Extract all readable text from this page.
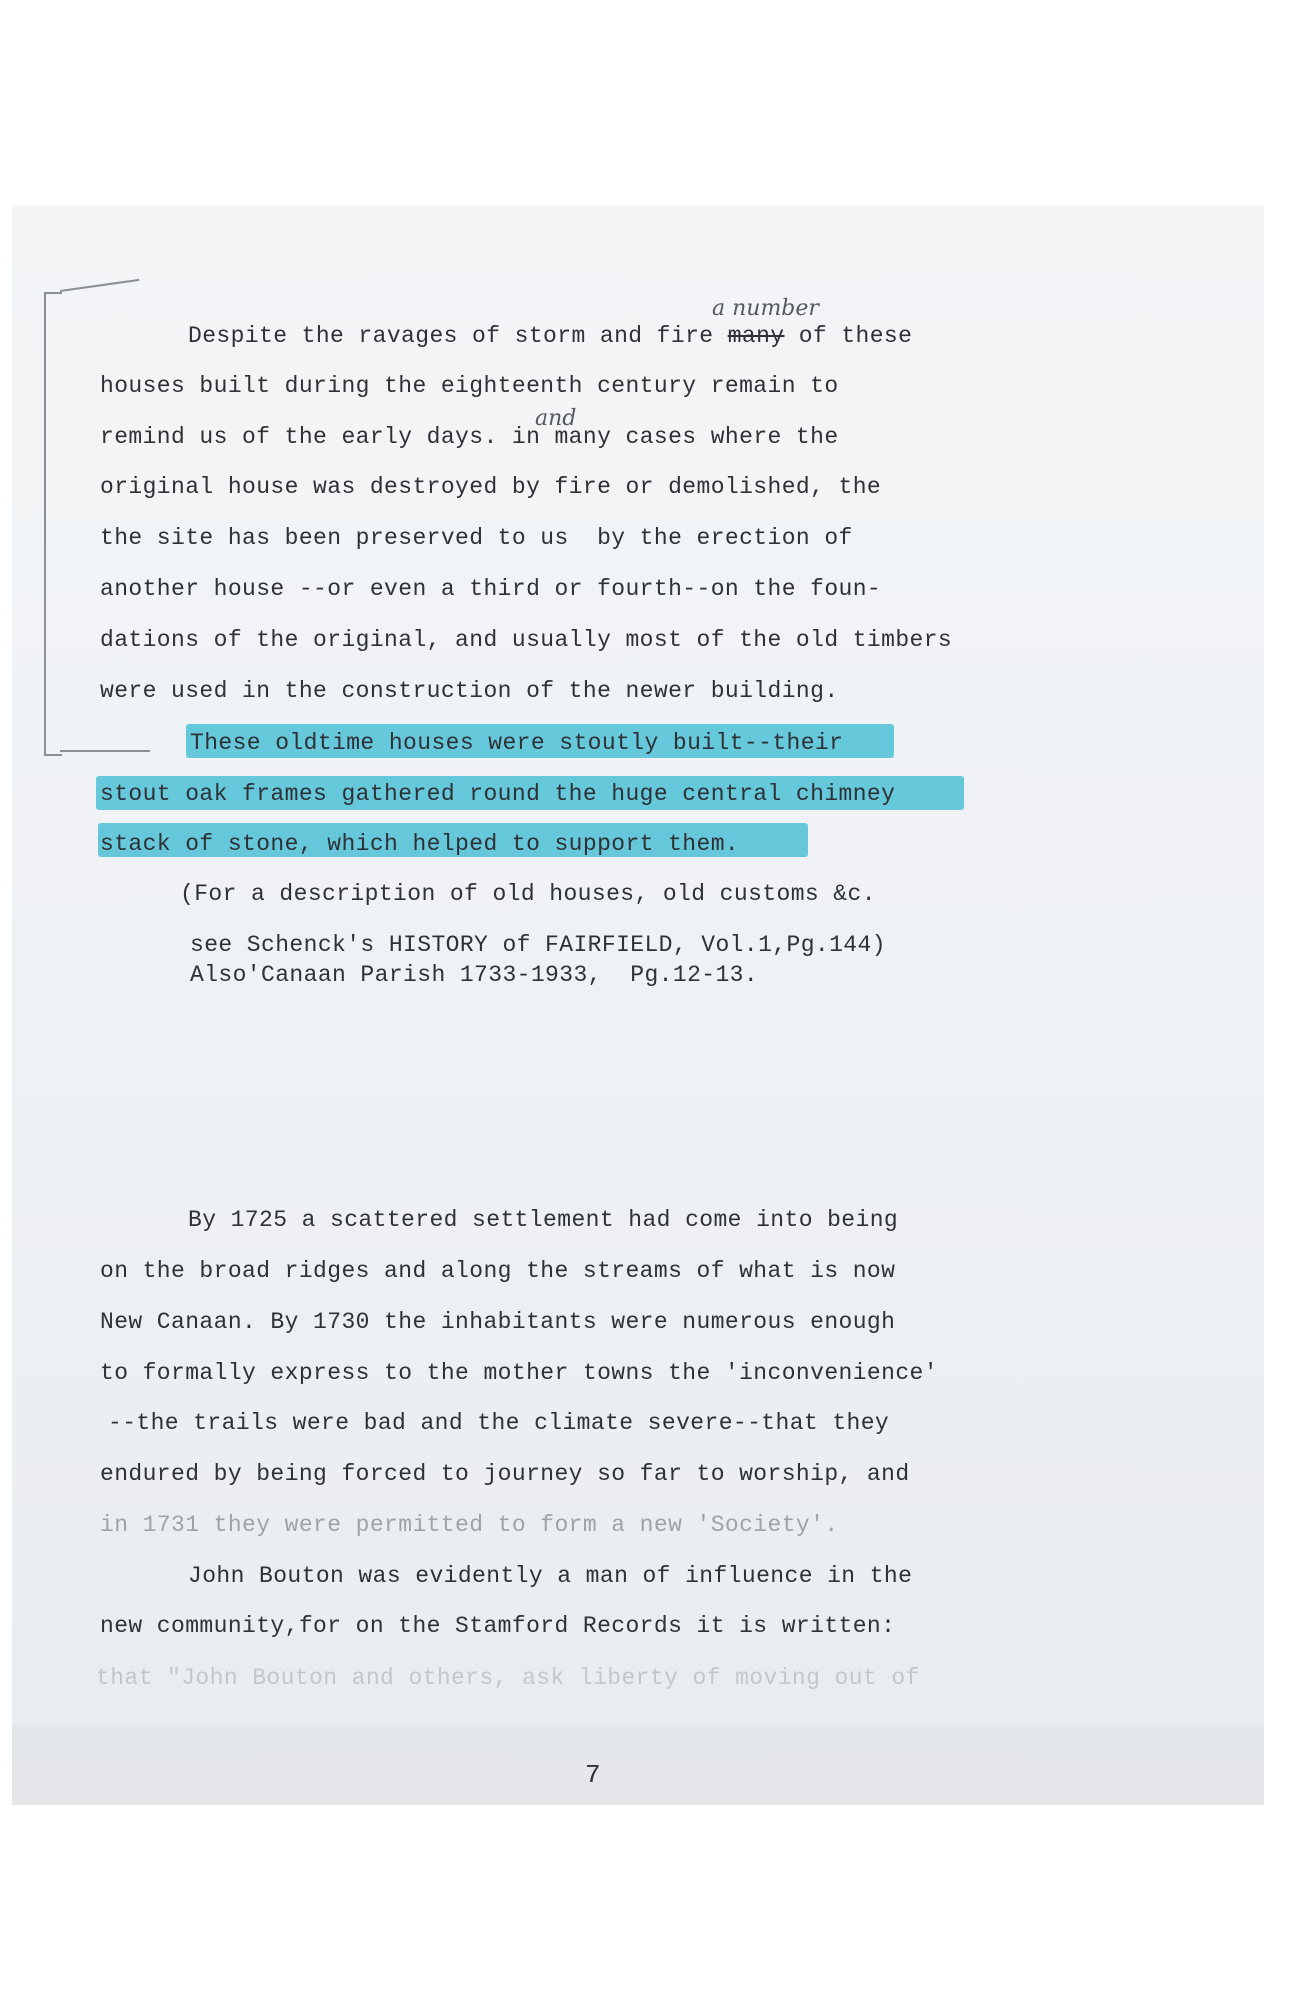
a number
Despite the ravages of storm and fire many of these
houses built during the eighteenth century remain to
and
remind us of the early days. in many cases where the
original house was destroyed by fire or demolished, the
the site has been preserved to us  by the erection of
another house --or even a third or fourth--on the foun-
dations of the original, and usually most of the old timbers
were used in the construction of the newer building.
These oldtime houses were stoutly built--their
stout oak frames gathered round the huge central chimney
stack of stone, which helped to support them.
(For a description of old houses, old customs &c.
see Schenck's HISTORY of FAIRFIELD, Vol.1,Pg.144)
Also'Canaan Parish 1733-1933,  Pg.12-13.
By 1725 a scattered settlement had come into being
on the broad ridges and along the streams of what is now
New Canaan. By 1730 the inhabitants were numerous enough
to formally express to the mother towns the 'inconvenience'
--the trails were bad and the climate severe--that they
endured by being forced to journey so far to worship, and
in 1731 they were permitted to form a new 'Society'.
John Bouton was evidently a man of influence in the
new community,for on the Stamford Records it is written:
that "John Bouton and others, ask liberty of moving out of
7
